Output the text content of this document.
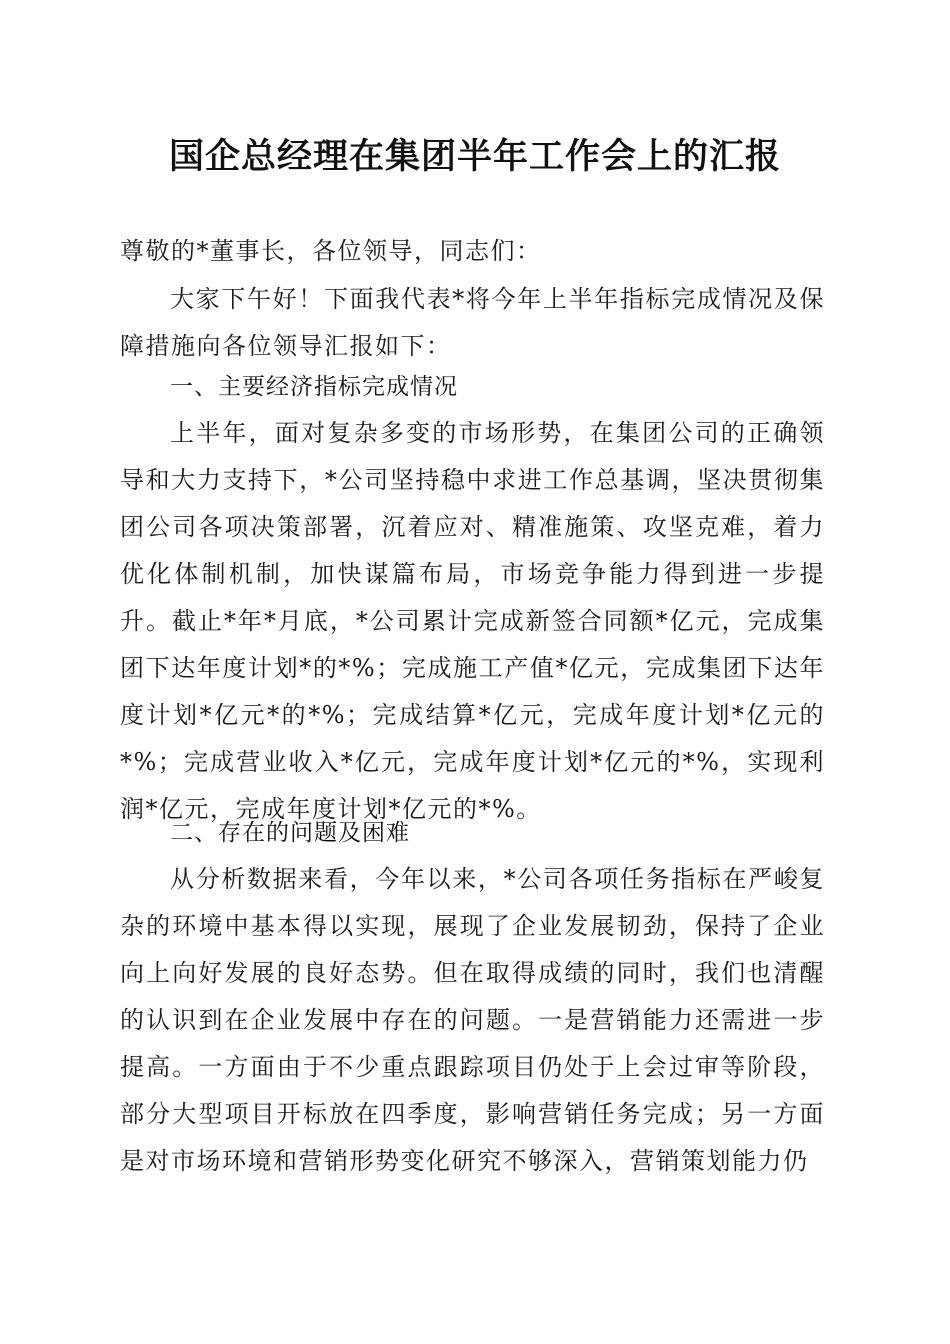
国企总经理在集团半年工作会上的汇报
尊敬的*董事长，各位领导，同志们：
大家下午好！下面我代表*将今年上半年指标完成情况及保障措施向各位领导汇报如下：
一、主要经济指标完成情况
上半年，面对复杂多变的市场形势，在集团公司的正确领导和大力支持下，*公司坚持稳中求进工作总基调，坚决贯彻集团公司各项决策部署，沉着应对、精准施策、攻坚克难，着力优化体制机制，加快谋篇布局，市场竞争能力得到进一步提升。截止*年*月底，*公司累计完成新签合同额*亿元，完成集团下达年度计划*的*%；完成施工产值*亿元，完成集团下达年度计划*亿元*的*%；完成结算*亿元，完成年度计划*亿元的*%；完成营业收入*亿元，完成年度计划*亿元的*%，实现利润*亿元，完成年度计划*亿元的*%。
二、存在的问题及困难
从分析数据来看，今年以来，*公司各项任务指标在严峻复杂的环境中基本得以实现，展现了企业发展韧劲，保持了企业向上向好发展的良好态势。但在取得成绩的同时，我们也清醒的认识到在企业发展中存在的问题。一是营销能力还需进一步提高。一方面由于不少重点跟踪项目仍处于上会过审等阶段，部分大型项目开标放在四季度，影响营销任务完成；另一方面是对市场环境和营销形势变化研究不够深入，营销策划能力仍
